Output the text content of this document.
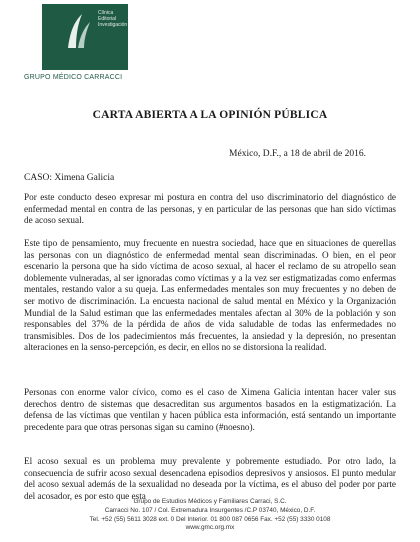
Clínica
Editorial
Investigación
GRUPO MÉDICO CARRACCI
CARTA ABIERTA A LA OPINIÓN PÚBLICA
México, D.F., a 18 de abril de 2016.
CASO: Ximena Galicia

Por este conducto deseo expresar mi postura en contra del uso discriminatorio del diagnóstico de enfermedad mental en contra de las personas, y en particular de las personas que han sido víctimas de acoso sexual.

Este tipo de pensamiento, muy frecuente en nuestra sociedad, hace que en situaciones de querellas las personas con un diagnóstico de enfermedad mental sean discriminadas. O bien, en el peor escenario la persona que ha sido víctima de acoso sexual, al hacer el reclamo de su atropello sean doblemente vulneradas, al ser ignoradas como víctimas y a la vez ser estigmatizadas como enfermas mentales, restando valor a su queja. Las enfermedades mentales son muy frecuentes y no deben de ser motivo de discriminación. La encuesta nacional de salud mental en México y la Organización Mundial de la Salud estiman que las enfermedades mentales afectan al 30% de la población y son responsables del 37% de la pérdida de años de vida saludable de todas las enfermedades no transmisibles. Dos de los padecimientos más frecuentes, la ansiedad y la depresión, no presentan alteraciones en la senso-percepción, es decir, en ellos no se distorsiona la realidad.

Personas con enorme valor cívico, como es el caso de Ximena Galicia intentan hacer valer sus derechos dentro de sistemas que desacreditan sus argumentos basados en la estigmatización. La defensa de las víctimas que ventilan y hacen pública esta información, está sentando un importante precedente para que otras personas sigan su camino (#noesno).

El acoso sexual es un problema muy prevalente y pobremente estudiado. Por otro lado, la consecuencia de sufrir acoso sexual desencadena episodios depresivos y ansiosos. El punto medular del acoso sexual además de la sexualidad no deseada por la víctima, es el abuso del poder por parte del acosador, es por esto que esta

Grupo de Estudios Médicos y Familiares Carraci, S.C.
Carracci No. 107 / Col. Extremadura Insurgentes /C.P 03740, México, D.F.
Tel. +52 (55) 5611 3028 ext. 0 Del Interior. 01 800 087 0656 Fax. +52 (55) 3330 0108
www.gmc.org.mx
